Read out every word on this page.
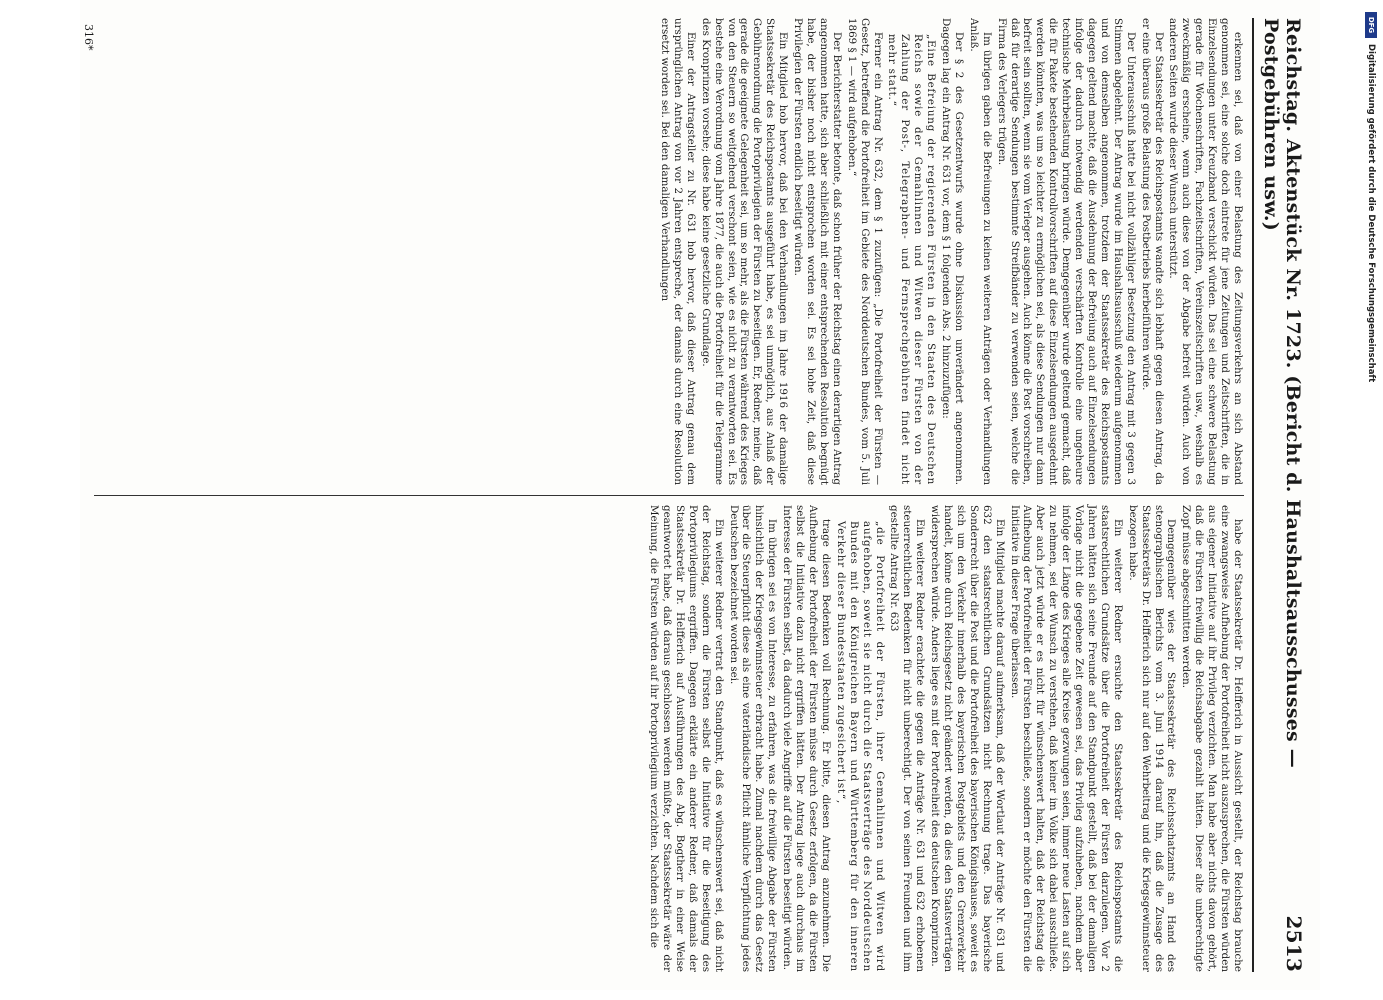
Reichstag. Aktenstück Nr. 1723. (Bericht d. Haushaltsausschusses — Postgebühren usw.)
2513

erkennen sei, daß von einer Belastung des Zeitungsverkehrs an sich Abstand genommen sei, eine solche doch eintrete für jene Zeitungen und Zeitschriften, die in Einzelsendungen unter Kreuzband verschickt würden. Das sei eine schwere Belastung gerade für Wochenschriften, Fachzeitschriften, Vereinszeitschriften usw., weshalb es zweckmäßig erscheine, wenn auch diese von der Abgabe befreit würden. Auch von anderen Seiten wurde dieser Wunsch unterstützt.

Der Staatssekretär des Reichspostamts wandte sich lebhaft gegen diesen Antrag, da er eine überaus große Belastung des Postbetriebs herbeiführen würde.

Der Unterausschuß hatte bei nicht vollzähliger Besetzung den Antrag mit 3 gegen 3 Stimmen abgelehnt. Der Antrag wurde im Haushaltsausschuß wiederum aufgenommen und von demselben angenommen, trotzdem der Staatssekretär des Reichspostamts dagegen geltend machte, daß die Ausdehnung der Befreiung auch auf Einzelsendungen infolge der dadurch notwendig werdenden verschärften Kontrolle eine ungeheure technische Mehrbelastung bringen würde. Demgegenüber wurde geltend gemacht, daß die für Pakete bestehenden Kontrollvorschriften auf diese Einzelsendungen ausgedehnt werden könnten, was um so leichter zu ermöglichen sei, als diese Sendungen nur dann befreit sein sollten, wenn sie vom Verleger ausgehen. Auch könne die Post vorschreiben, daß für derartige Sendungen bestimmte Streifbänder zu verwenden seien, welche die Firma des Verlegers trügen.

Im übrigen gaben die Befreiungen zu keinen weiteren Anträgen oder Verhandlungen Anlaß.

Der § 2 des Gesetzentwurfs wurde ohne Diskussion unverändert angenommen. Dagegen lag ein Antrag Nr. 631 vor, dem § 1 folgenden Abs. 2 hinzuzufügen:

„Eine Befreiung der regierenden Fürsten in den Staaten des Deutschen Reichs sowie der Gemahlinnen und Witwen dieser Fürsten von der Zahlung der Post-, Telegraphen- und Fernsprechgebühren findet nicht mehr statt.“

Ferner ein Antrag Nr. 632, dem § 1 zuzufügen: „Die Portofreiheit der Fürsten — Gesetz, betreffend die Portofreiheit im Gebiete des Norddeutschen Bundes, vom 5. Juli 1869 § 1 — wird aufgehoben.“

Der Berichterstatter betonte, daß schon früher der Reichstag einen derartigen Antrag angenommen hatte, sich aber schließlich mit einer entsprechenden Resolution begnügt habe, der bisher noch nicht entsprochen worden sei. Es sei hohe Zeit, daß diese Privilegien der Fürsten endlich beseitigt würden.

Ein Mitglied hob hervor, daß bei den Verhandlungen im Jahre 1916 der damalige Staatssekretär des Reichspostamts ausgeführt habe, es sei unmöglich, aus Anlaß der Gebührenordnung die Portoprivilegien der Fürsten zu beseitigen. Er, Redner, meine, daß gerade die geeignete Gelegenheit sei, um so mehr, als die Fürsten während des Krieges von den Steuern so weitgehend verschont seien, wie es nicht zu verantworten sei. Es bestehe eine Verordnung vom Jahre 1877, die auch die Portofreiheit für die Telegramme des Kronprinzen vorsehe; diese habe keine gesetzliche Grundlage.

Einer der Antragsteller zu Nr. 631 hob hervor, daß dieser Antrag genau dem ursprünglichen Antrag von vor 2 Jahren entspreche, der damals durch eine Resolution ersetzt worden sei. Bei den damaligen Verhandlungen

habe der Staatssekretär Dr. Helfferich in Aussicht gestellt, der Reichstag brauche eine zwangsweise Aufhebung der Portofreiheit nicht auszusprechen, die Fürsten würden aus eigener Initiative auf ihr Privileg verzichten. Man habe aber nichts davon gehört, daß die Fürsten freiwillig die Reichsabgabe gezahlt hätten. Dieser alte unberechtigte Zopf müsse abgeschnitten werden.

Demgegenüber wies der Staatssekretär des Reichsschatzamts an Hand des stenographischen Berichts vom 3. Juni 1914 darauf hin, daß die Zusage des Staatssekretärs Dr. Helfferich sich nur auf den Wehrbeitrag und die Kriegsgewinnsteuer bezogen habe.

Ein weiterer Redner ersuchte den Staatssekretär des Reichspostamts die staatsrechtlichen Grundsätze über die Portofreiheit der Fürsten darzulegen. Vor 2 Jahren hätten sich seine Freunde auf den Standpunkt gestellt, daß bei der damaligen Vorlage nicht die gegebene Zeit gewesen sei, das Privileg aufzuheben, nachdem aber infolge der Länge des Krieges alle Kreise gezwungen seien, immer neue Lasten auf sich zu nehmen, sei der Wunsch zu verstehen, daß keiner im Volke sich dabei ausschließe. Aber auch jetzt würde er es nicht für wünschenswert halten, daß der Reichstag die Aufhebung der Portofreiheit der Fürsten beschließe, sondern er möchte den Fürsten die Initiative in dieser Frage überlassen.

Ein Mitglied machte darauf aufmerksam, daß der Wortlaut der Anträge Nr. 631 und 632 den staatsrechtlichen Grundsätzen nicht Rechnung trage. Das bayerische Sonderrecht über die Post und die Portofreiheit des bayerischen Königshauses, soweit es sich um den Verkehr innerhalb des bayerischen Postgebiets und den Grenzverkehr handelt, könne durch Reichsgesetz nicht geändert werden, da dies den Staatsverträgen widersprechen würde. Anders liege es mit der Portofreiheit des deutschen Kronprinzen.

Ein weiterer Redner erachtete die gegen die Anträge Nr. 631 und 632 erhobenen steuerrechtlichen Bedenken für nicht unberechtigt. Der von seinen Freunden und ihm gestellte Antrag Nr. 633

„die Portofreiheit der Fürsten, ihrer Gemahlinnen und Witwen wird aufgehoben, soweit sie nicht durch die Staatsverträge des Norddeutschen Bundes mit den Königreichen Bayern und Württemberg für den inneren Verkehr dieser Bundesstaaten zugesichert ist“,

trage diesen Bedenken voll Rechnung. Er bitte, diesen Antrag anzunehmen. Die Aufhebung der Portofreiheit der Fürsten müsse durch Gesetz erfolgen, da die Fürsten selbst die Initiative dazu nicht ergriffen hätten. Der Antrag liege auch durchaus im Interesse der Fürsten selbst, da dadurch viele Angriffe auf die Fürsten beseitigt würden.

Im übrigen sei es von Interesse, zu erfahren, was die freiwillige Abgabe der Fürsten hinsichtlich der Kriegsgewinnsteuer erbracht habe. Zumal nachdem durch das Gesetz über die Steuerpflicht diese als eine vaterländische Pflicht ähnliche Verpflichtung jedes Deutschen bezeichnet worden sei.

Ein weiterer Redner vertrat den Standpunkt, daß es wünschenswert sei, daß nicht der Reichstag, sondern die Fürsten selbst die Initiative für die Beseitigung des Portoprivilegiums ergriffen. Dagegen erklärte ein anderer Redner, daß damals der Staatssekretär Dr. Helfferich auf Ausführungen des Abg. Bogtherr in einer Weise geantwortet habe, daß daraus geschlossen werden müßte, der Staatssekretär wäre der Meinung, die Fürsten würden auf ihr Portoprivilegium verzichten. Nachdem sich die

316*	DFG
Digitalisierung gefördert durch die Deutsche Forschungsgemeinschaft
